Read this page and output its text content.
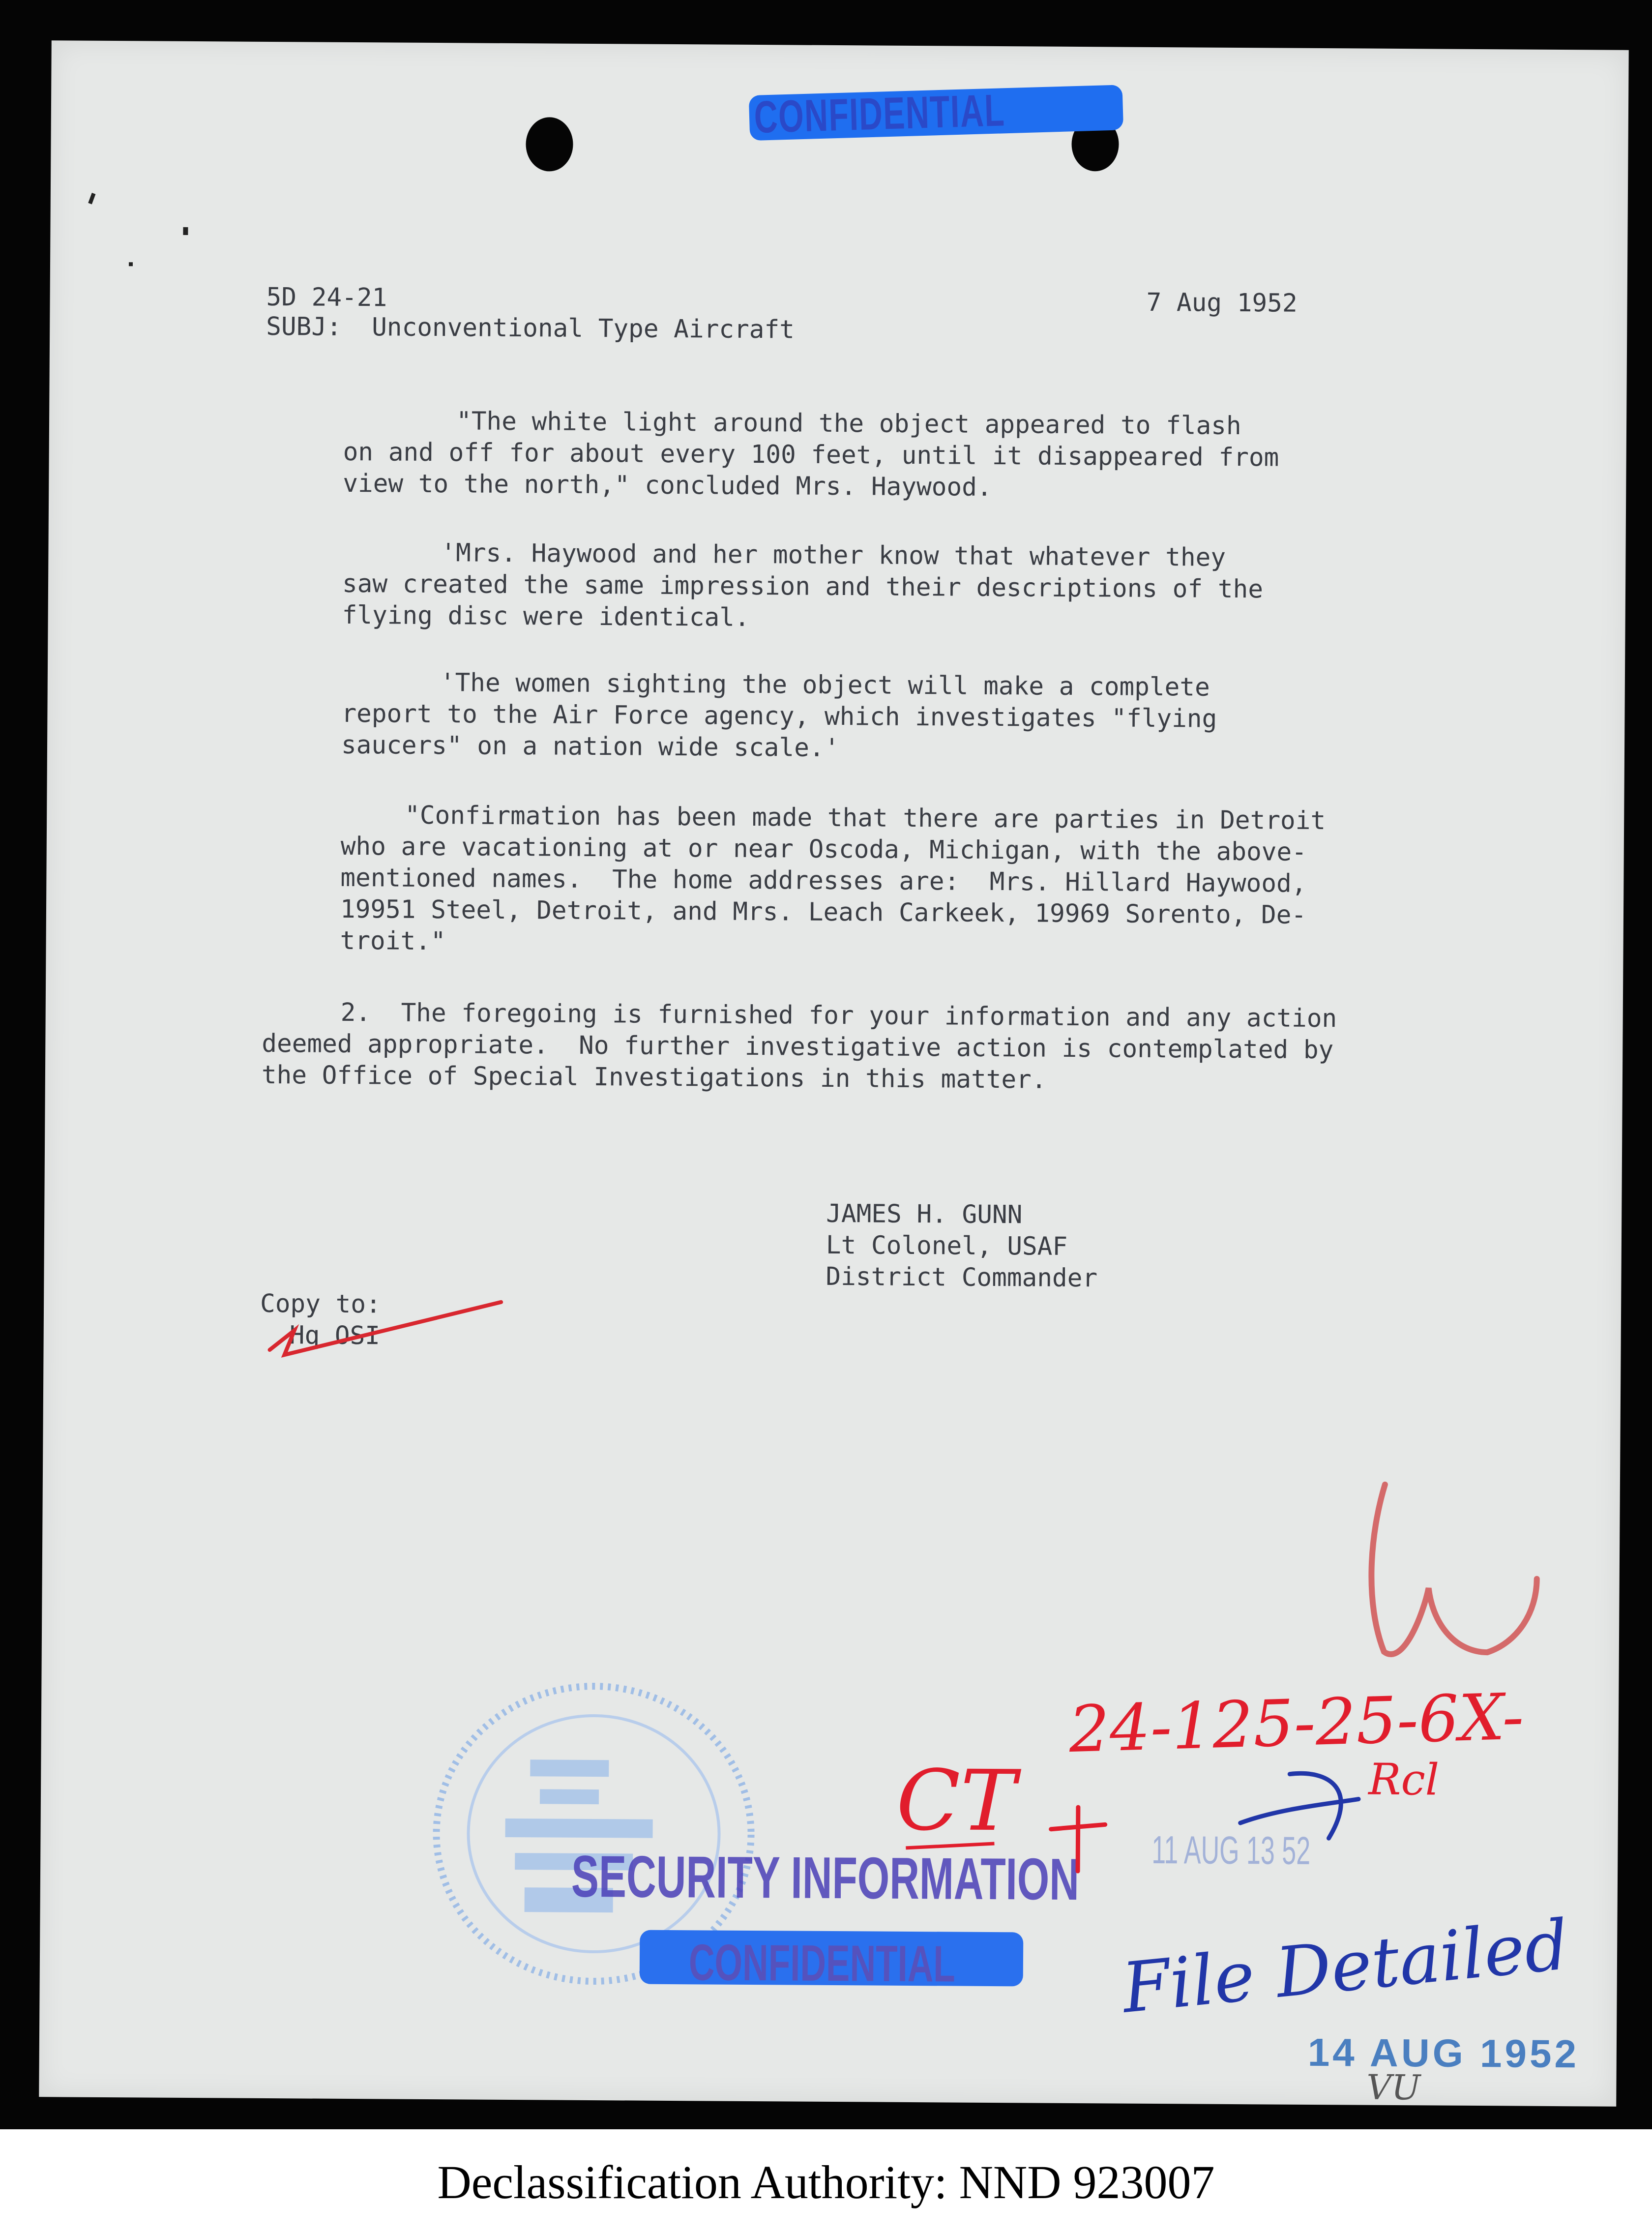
CONFIDENTIAL
5D 24-21	7 Aug 1952
SUBJ:  Unconventional Type Aircraft
"The white light around the object appeared to flash
on and off for about every 100 feet, until it disappeared from
view to the north," concluded Mrs. Haywood.
'Mrs. Haywood and her mother know that whatever they
saw created the same impression and their descriptions of the
flying disc were identical.
'The women sighting the object will make a complete
report to the Air Force agency, which investigates "flying
saucers" on a nation wide scale.'
"Confirmation has been made that there are parties in Detroit
who are vacationing at or near Oscoda, Michigan, with the above-
mentioned names.  The home addresses are:  Mrs. Hillard Haywood,
19951 Steel, Detroit, and Mrs. Leach Carkeek, 19969 Sorento, De-
troit."
2.  The foregoing is furnished for your information and any action
deemed appropriate.  No further investigative action is contemplated by
the Office of Special Investigations in this matter.
JAMES H. GUNN
Lt Colonel, USAF
District Commander
Copy to:
Hq OSI
SECURITY INFORMATION
CONFIDENTIAL
24-125-25-6X-
CT	Rcl
11 AUG 13 52
File Detailed
14 AUG 1952
VU
Declassification Authority: NND 923007
